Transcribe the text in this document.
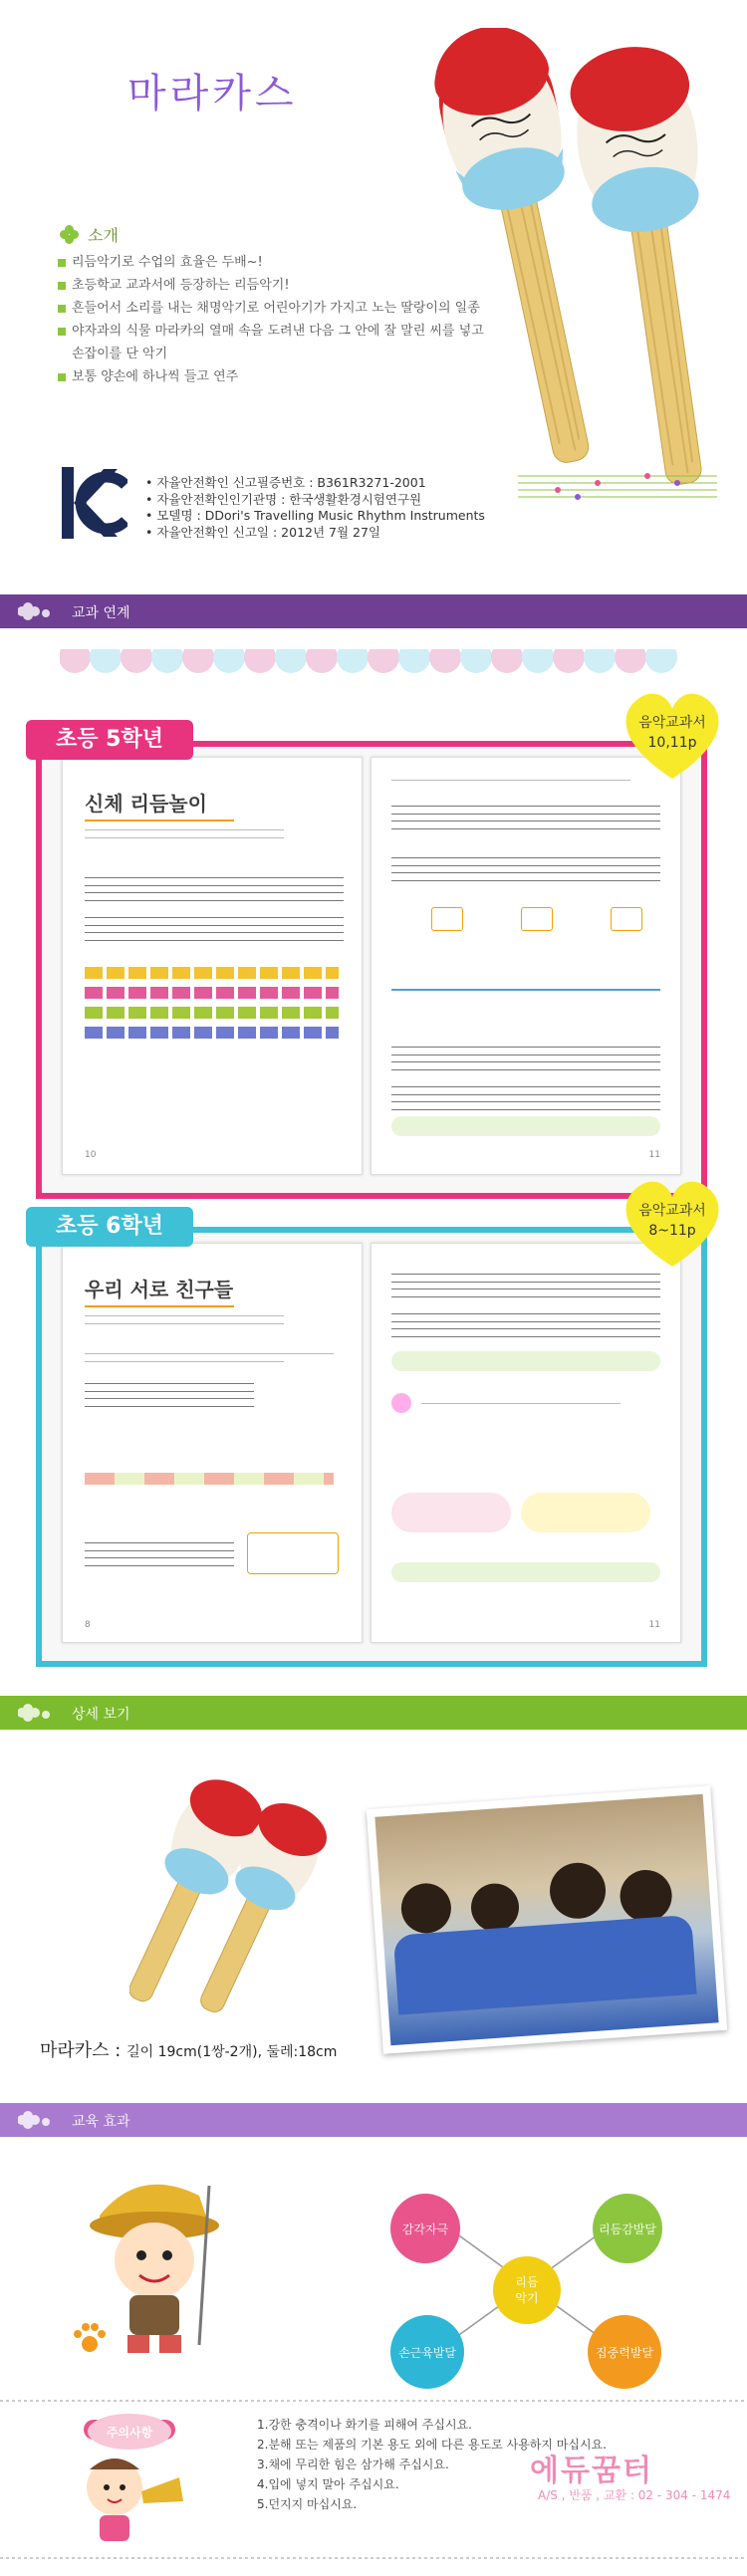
마라카스
소개
리듬악기로 수업의 효율은 두배~!
초등학교 교과서에 등장하는 리듬악기!
흔들어서 소리를 내는 채명악기로 어린아기가 가지고 노는 딸랑이의 일종
야자과의 식물 마라카의 열매 속을 도려낸 다음 그 안에 잘 말린 씨를 넣고
손잡이를 단 악기
보통 양손에 하나씩 들고 연주
• 자율안전확인 신고필증번호 : B361R3271-2001
• 자율안전확인인기관명 : 한국생활환경시험연구원
• 모델명 : DDori's Travelling Music Rhythm Instruments
• 자율안전확인 신고일 : 2012년 7월 27일
교과 연계
신체 리듬놀이
10	11
초등 5학년
음악교과서
10,11p
우리 서로 친구들
8	11
초등 6학년
음악교과서
8~11p
상세 보기
마라카스 : 길이 19cm(1쌍-2개), 둘레:18cm
교육 효과
감각자극	리듬감발달
손근육발달	집중력발달
리듬
악기
주의사항
1.강한 충격이나 화기를 피해여 주십시요.
2.분해 또는 제품의 기본 용도 외에 다른 용도로 사용하지 마십시요.
3.채에 무리한 힘은 삼가해 주십시요.
4.입에 넣지 말아 주십시요.
5.던지지 마십시요.
에듀꿈터
A/S , 반품 , 교환 : 02 - 304 - 1474
